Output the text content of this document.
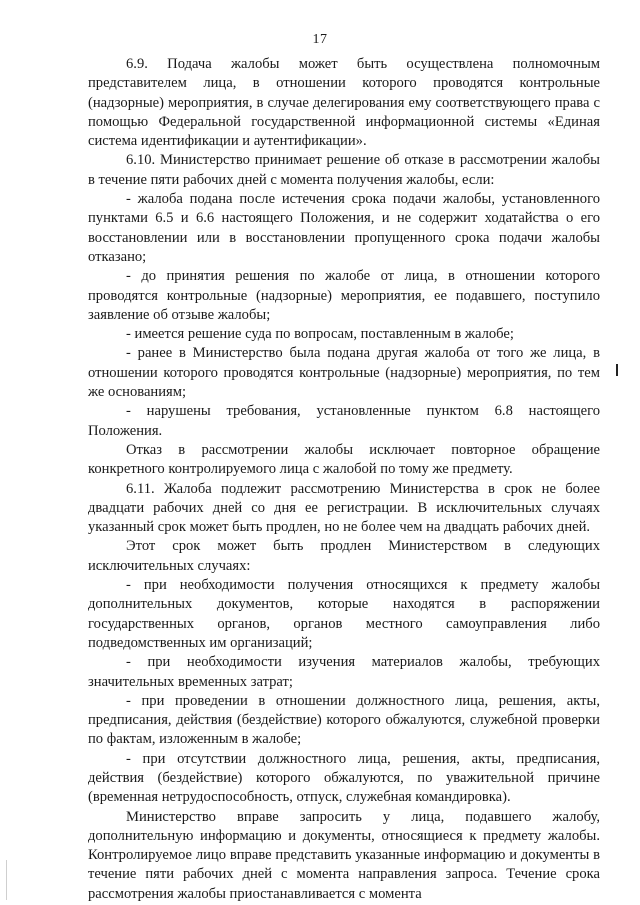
17

6.9. Подача жалобы может быть осуществлена полномочным представителем лица, в отношении которого проводятся контрольные (надзорные) мероприятия, в случае делегирования ему соответствующего права с помощью Федеральной государственной информационной системы «Единая система идентификации и аутентификации».

6.10. Министерство принимает решение об отказе в рассмотрении жалобы в течение пяти рабочих дней с момента получения жалобы, если:

- жалоба подана после истечения срока подачи жалобы, установленного пунктами 6.5 и 6.6 настоящего Положения, и не содержит ходатайства о его восстановлении или в восстановлении пропущенного срока подачи жалобы отказано;

- до принятия решения по жалобе от лица, в отношении которого проводятся контрольные (надзорные) мероприятия, ее подавшего, поступило заявление об отзыве жалобы;

- имеется решение суда по вопросам, поставленным в жалобе;

- ранее в Министерство была подана другая жалоба от того же лица, в отношении которого проводятся контрольные (надзорные) мероприятия, по тем же основаниям;

- нарушены требования, установленные пунктом 6.8 настоящего Положения.

Отказ в рассмотрении жалобы исключает повторное обращение конкретного контролируемого лица с жалобой по тому же предмету.

6.11. Жалоба подлежит рассмотрению Министерства в срок не более двадцати рабочих дней со дня ее регистрации. В исключительных случаях указанный срок может быть продлен, но не более чем на двадцать рабочих дней.

Этот срок может быть продлен Министерством в следующих исключительных случаях:

- при необходимости получения относящихся к предмету жалобы дополнительных документов, которые находятся в распоряжении государственных органов, органов местного самоуправления либо подведомственных им организаций;

- при необходимости изучения материалов жалобы, требующих значительных временных затрат;

- при проведении в отношении должностного лица, решения, акты, предписания, действия (бездействие) которого обжалуются, служебной проверки по фактам, изложенным в жалобе;

- при отсутствии должностного лица, решения, акты, предписания, действия (бездействие) которого обжалуются, по уважительной причине (временная нетрудоспособность, отпуск, служебная командировка).

Министерство вправе запросить у лица, подавшего жалобу, дополнительную информацию и документы, относящиеся к предмету жалобы. Контролируемое лицо вправе представить указанные информацию и документы в течение пяти рабочих дней с момента направления запроса. Течение срока рассмотрения жалобы приостанавливается с момента
